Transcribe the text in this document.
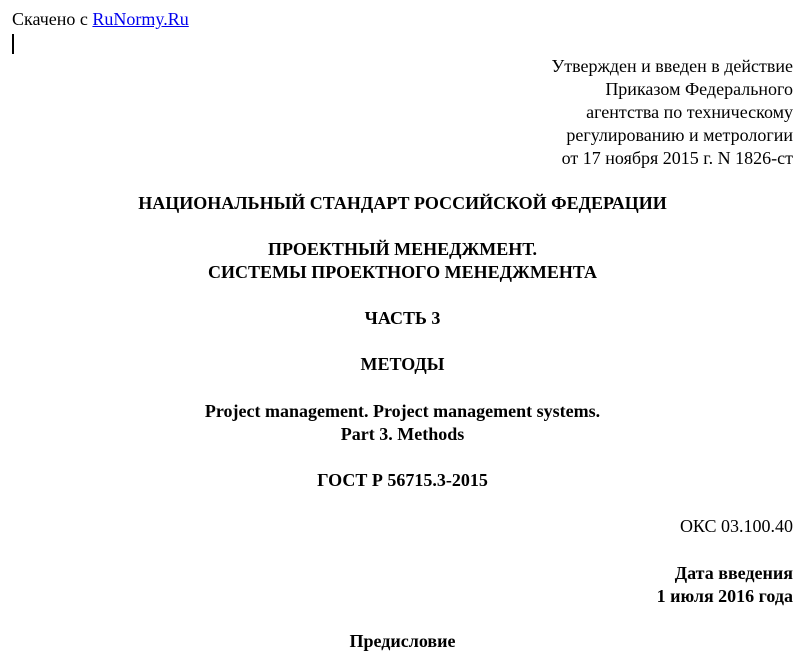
Скачено с RuNormy.Ru
Утвержден и введен в действие
Приказом Федерального
агентства по техническому
регулированию и метрологии
от 17 ноября 2015 г. N 1826-ст
НАЦИОНАЛЬНЫЙ СТАНДАРТ РОССИЙСКОЙ ФЕДЕРАЦИИ
ПРОЕКТНЫЙ МЕНЕДЖМЕНТ.
СИСТЕМЫ ПРОЕКТНОГО МЕНЕДЖМЕНТА
ЧАСТЬ 3
МЕТОДЫ
Project management. Project management systems.
Part 3. Methods
ГОСТ Р 56715.3-2015
ОКС 03.100.40
Дата введения
1 июля 2016 года
Предисловие
